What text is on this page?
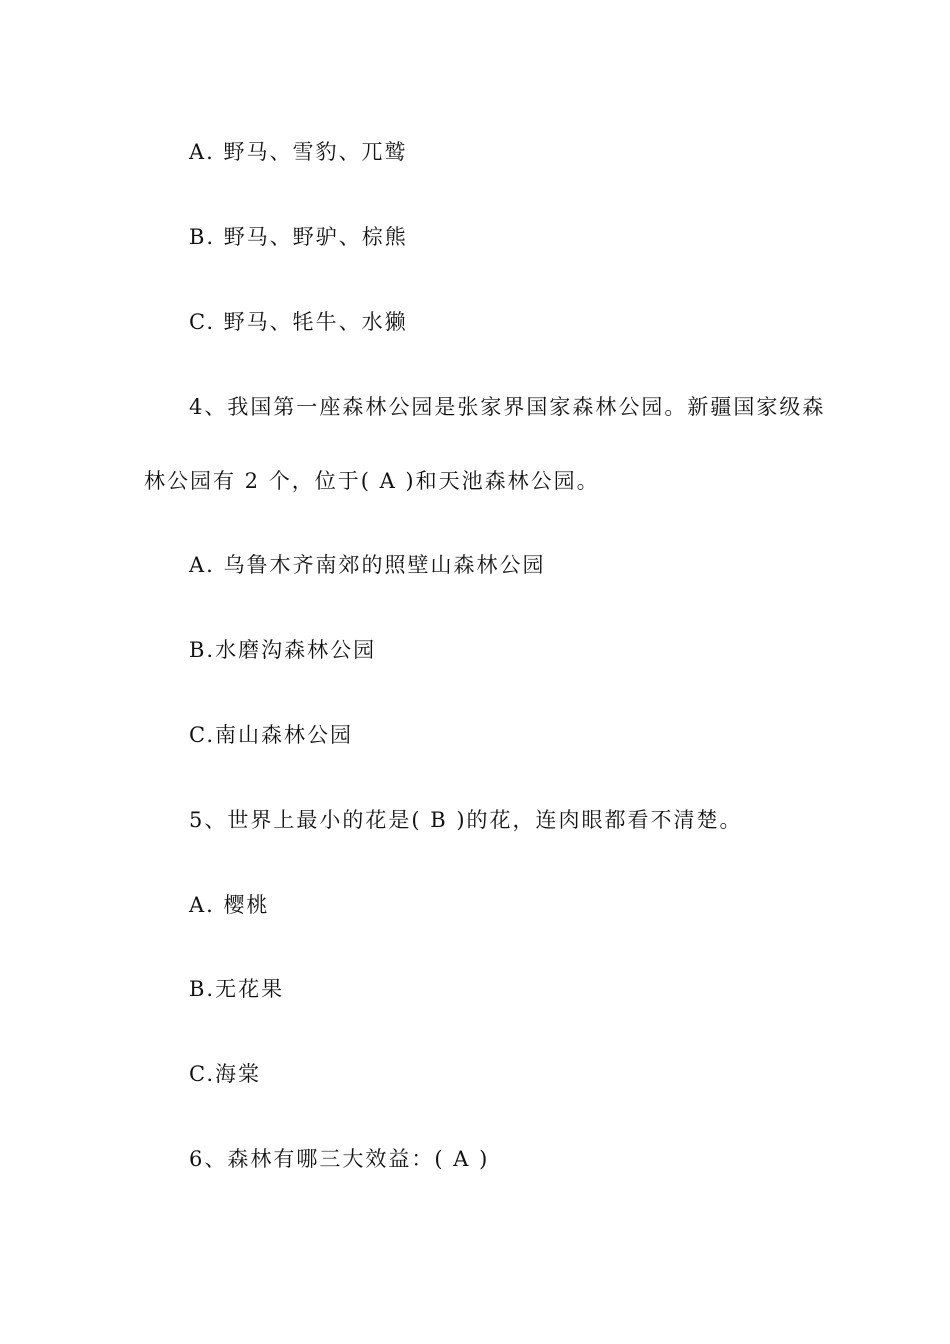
A. 野马、雪豹、兀鹫
B. 野马、野驴、棕熊
C. 野马、牦牛、水獭
4、我国第一座森林公园是张家界国家森林公园。新疆国家级森
林公园有 2 个，位于( A )和天池森林公园。
A. 乌鲁木齐南郊的照壁山森林公园
B.水磨沟森林公园
C.南山森林公园
5、世界上最小的花是( B )的花，连肉眼都看不清楚。
A. 樱桃
B.无花果
C.海棠
6、森林有哪三大效益：( A )
